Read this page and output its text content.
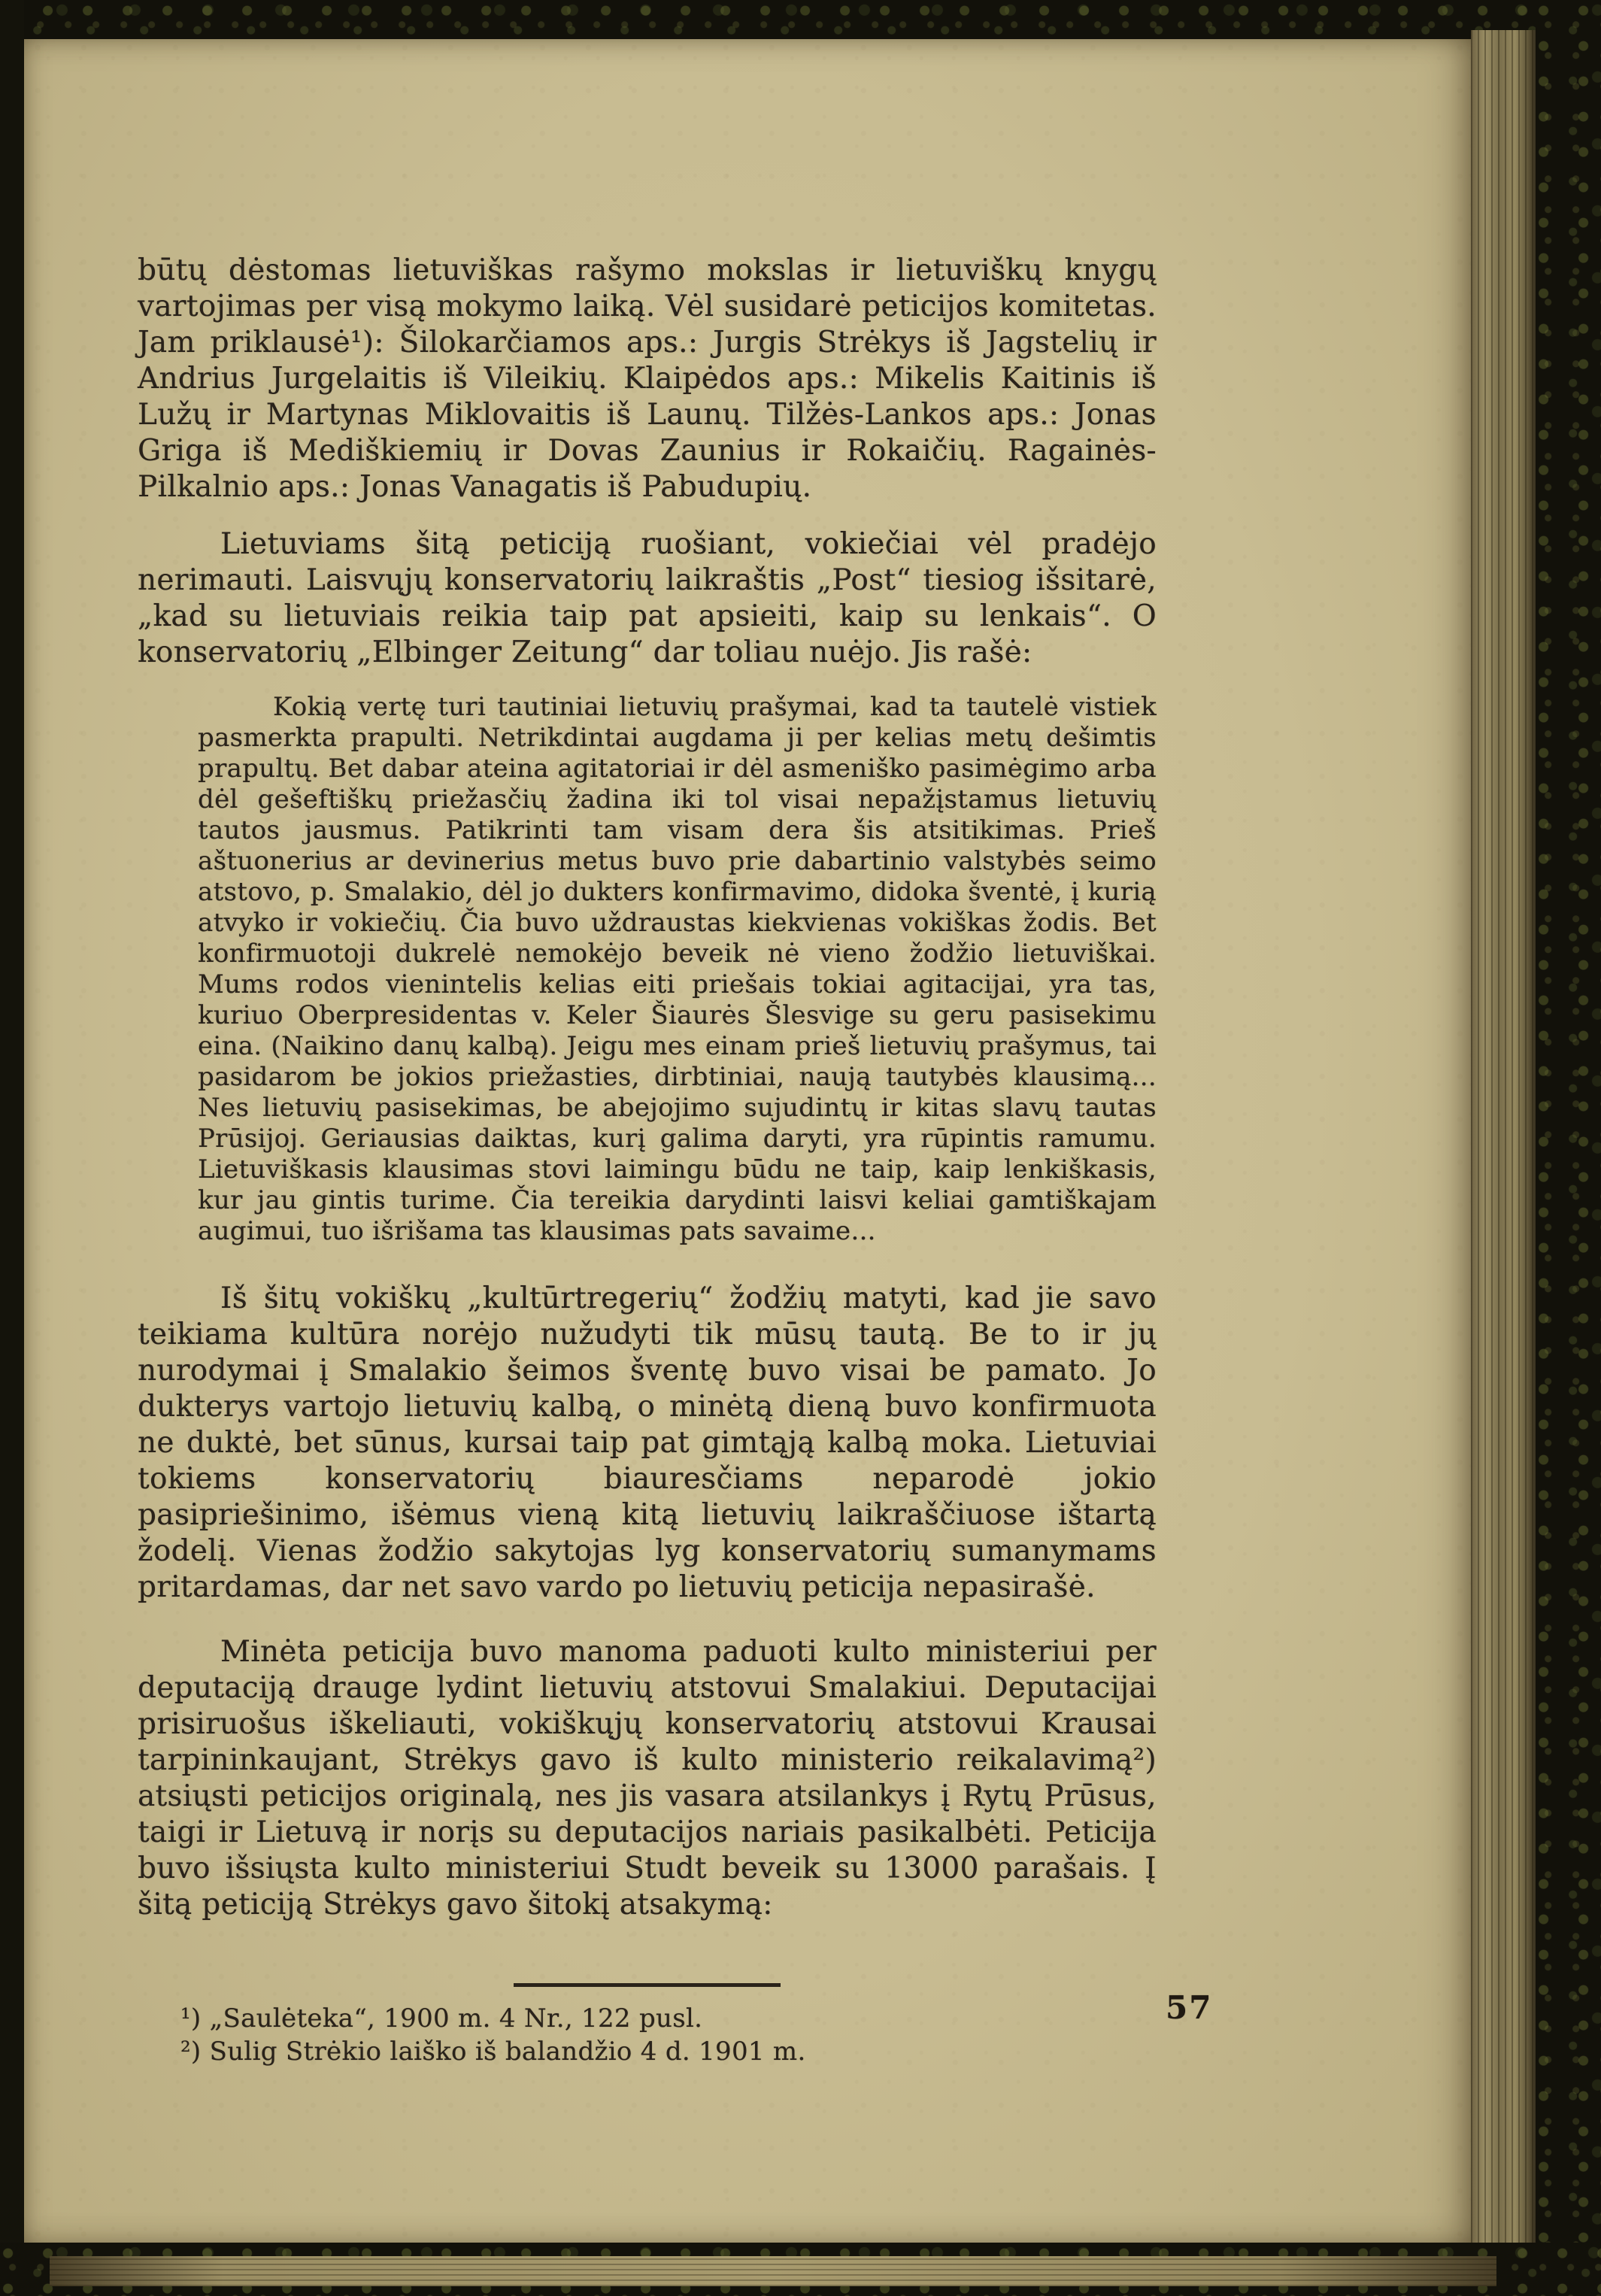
būtų dėstomas lietuviškas rašymo mokslas ir lietuviškų knygų vartojimas per visą mokymo laiką. Vėl susidarė peticijos komitetas. Jam priklausė¹): Šilokarčiamos aps.: Jurgis Strėkys iš Jagstelių ir Andrius Jurgelaitis iš Vileikių. Klaipėdos aps.: Mikelis Kaitinis iš Lužų ir Martynas Miklovaitis iš Launų. Tilžės-Lankos aps.: Jonas Griga iš Mediškiemių ir Dovas Zaunius ir Rokaičių. Ragainės-Pilkalnio aps.: Jonas Vanagatis iš Pabudupių.

Lietuviams šitą peticiją ruošiant, vokiečiai vėl pradėjo nerimauti. Laisvųjų konservatorių laikraštis „Post“ tiesiog išsitarė, „kad su lietuviais reikia taip pat apsieiti, kaip su lenkais“. O konservatorių „Elbinger Zeitung“ dar toliau nuėjo. Jis rašė:

Kokią vertę turi tautiniai lietuvių prašymai, kad ta tautelė vistiek pasmerkta prapulti. Netrikdintai augdama ji per kelias metų dešimtis prapultų. Bet dabar ateina agitatoriai ir dėl asmeniško pasimėgimo arba dėl gešeftiškų priežasčių žadina iki tol visai nepažįstamus lietuvių tautos jausmus. Patikrinti tam visam dera šis atsitikimas. Prieš aštuonerius ar devinerius metus buvo prie dabartinio valstybės seimo atstovo, p. Smalakio, dėl jo dukters konfirmavimo, didoka šventė, į kurią atvyko ir vokiečių. Čia buvo uždraustas kiekvienas vokiškas žodis. Bet konfirmuotoji dukrelė nemokėjo beveik nė vieno žodžio lietuviškai. Mums rodos vienintelis kelias eiti priešais tokiai agitacijai, yra tas, kuriuo Oberpresidentas v. Keler Šiaurės Šlesvige su geru pasisekimu eina. (Naikino danų kalbą). Jeigu mes einam prieš lietuvių prašymus, tai pasidarom be jokios priežasties, dirbtiniai, naują tautybės klausimą... Nes lietuvių pasisekimas, be abejojimo sujudintų ir kitas slavų tautas Prūsijoj. Geriausias daiktas, kurį galima daryti, yra rūpintis ramumu. Lietuviškasis klausimas stovi laimingu būdu ne taip, kaip lenkiškasis, kur jau gintis turime. Čia tereikia darydinti laisvi keliai gamtiškajam augimui, tuo išrišama tas klausimas pats savaime...

Iš šitų vokiškų „kultūrtregerių“ žodžių matyti, kad jie savo teikiama kultūra norėjo nužudyti tik mūsų tautą. Be to ir jų nurodymai į Smalakio šeimos šventę buvo visai be pamato. Jo dukterys vartojo lietuvių kalbą, o minėtą dieną buvo konfirmuota ne duktė, bet sūnus, kursai taip pat gimtąją kalbą moka. Lietuviai tokiems konservatorių biauresčiams neparodė jokio pasipriešinimo, išėmus vieną kitą lietuvių laikraščiuose ištartą žodelį. Vienas žodžio sakytojas lyg konservatorių sumanymams pritardamas, dar net savo vardo po lietuvių peticija nepasirašė.

Minėta peticija buvo manoma paduoti kulto ministeriui per deputaciją drauge lydint lietuvių atstovui Smalakiui. Deputacijai prisiruošus iškeliauti, vokiškųjų konservatorių atstovui Krausai tarpininkaujant, Strėkys gavo iš kulto ministerio reikalavimą²) atsiųsti peticijos originalą, nes jis vasara atsilankys į Rytų Prūsus, taigi ir Lietuvą ir norįs su deputacijos nariais pasikalbėti. Peticija buvo išsiųsta kulto ministeriui Studt beveik su 13000 parašais. Į šitą peticiją Strėkys gavo šitokį atsakymą:

¹) „Saulėteka“, 1900 m. 4 Nr., 122 pusl.

²) Sulig Strėkio laiško iš balandžio 4 d. 1901 m.

57
